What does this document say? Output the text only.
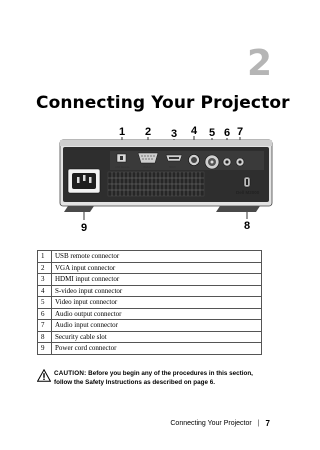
2
Connecting Your Projector
1 2 3 4 5 6 7
9	8
USB Remote	VGA-A	HDMI
Dell M2000
1	USB remote connector
2	VGA input connector
3	HDMI input connector
4	S-video input connector
5	Video input connector
6	Audio output connector
7	Audio input connector
8	Security cable slot
9	Power cord connector
CAUTION: Before you begin any of the procedures in this section, follow the Safety Instructions as described on page 6.
Connecting Your Projector | 7
